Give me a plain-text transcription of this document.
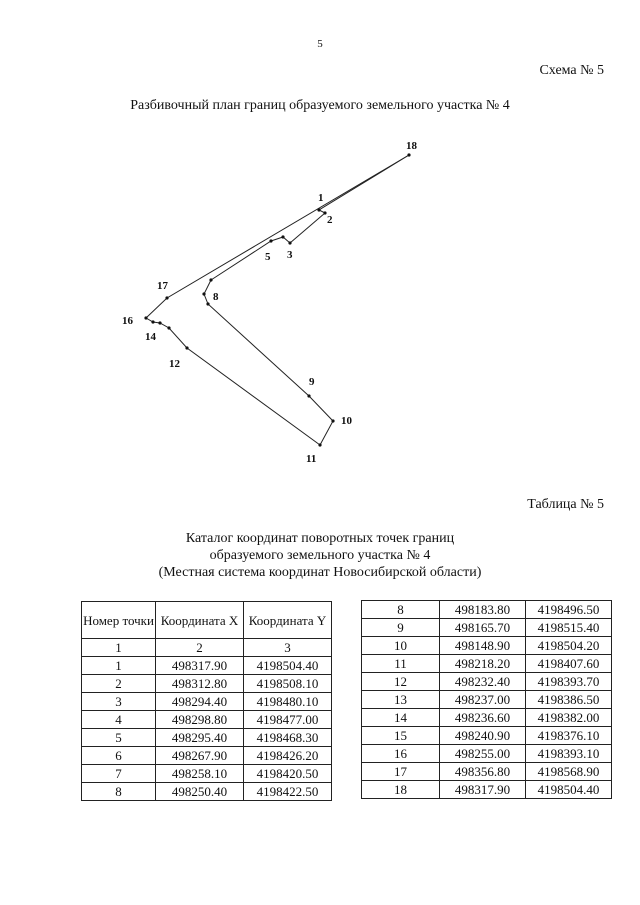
5
Схема № 5
Разбивочный план границ образуемого земельного участка № 4
18
1
2
3
5
17
8
16
14
12
9
10
11
Таблица № 5
Каталог координат поворотных точек границ
образуемого земельного участка № 4
(Местная система координат Новосибирской области)
Номер точки	Координата X	Координата Y
1	2	3
1	498317.90	4198504.40
2	498312.80	4198508.10
3	498294.40	4198480.10
4	498298.80	4198477.00
5	498295.40	4198468.30
6	498267.90	4198426.20
7	498258.10	4198420.50
8	498250.40	4198422.50
8	498183.80	4198496.50
9	498165.70	4198515.40
10	498148.90	4198504.20
11	498218.20	4198407.60
12	498232.40	4198393.70
13	498237.00	4198386.50
14	498236.60	4198382.00
15	498240.90	4198376.10
16	498255.00	4198393.10
17	498356.80	4198568.90
18	498317.90	4198504.40
